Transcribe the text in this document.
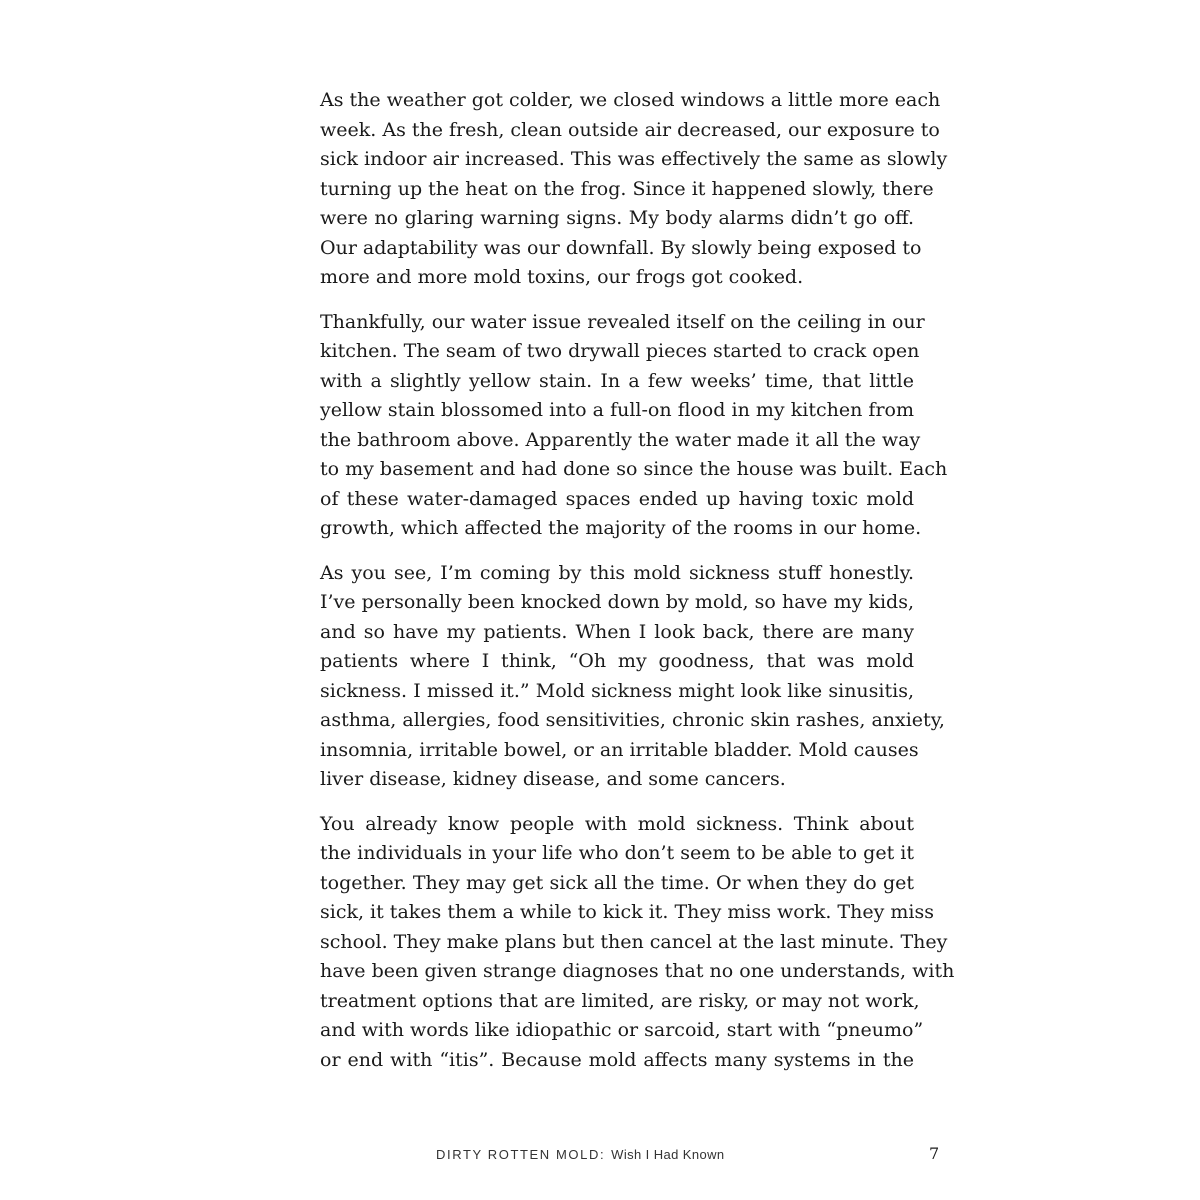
As the weather got colder, we closed windows a little more each
week. As the fresh, clean outside air decreased, our exposure to
sick indoor air increased. This was effectively the same as slowly
turning up the heat on the frog. Since it happened slowly, there
were no glaring warning signs. My body alarms didn’t go off.
Our adaptability was our downfall. By slowly being exposed to
more and more mold toxins, our frogs got cooked.

Thankfully, our water issue revealed itself on the ceiling in our
kitchen. The seam of two drywall pieces started to crack open
with a slightly yellow stain. In a few weeks’ time, that little
yellow stain blossomed into a full-on flood in my kitchen from
the bathroom above. Apparently the water made it all the way
to my basement and had done so since the house was built. Each
of these water-damaged spaces ended up having toxic mold
growth, which affected the majority of the rooms in our home.

As you see, I’m coming by this mold sickness stuff honestly.
I’ve personally been knocked down by mold, so have my kids,
and so have my patients. When I look back, there are many
patients where I think, “Oh my goodness, that was mold
sickness. I missed it.” Mold sickness might look like sinusitis,
asthma, allergies, food sensitivities, chronic skin rashes, anxiety,
insomnia, irritable bowel, or an irritable bladder. Mold causes
liver disease, kidney disease, and some cancers.

You already know people with mold sickness. Think about
the individuals in your life who don’t seem to be able to get it
together. They may get sick all the time. Or when they do get
sick, it takes them a while to kick it. They miss work. They miss
school. They make plans but then cancel at the last minute. They
have been given strange diagnoses that no one understands, with
treatment options that are limited, are risky, or may not work,
and with words like idiopathic or sarcoid, start with “pneumo”
or end with “itis”. Because mold affects many systems in the

DIRTY ROTTEN MOLD: Wish I Had Known	7
